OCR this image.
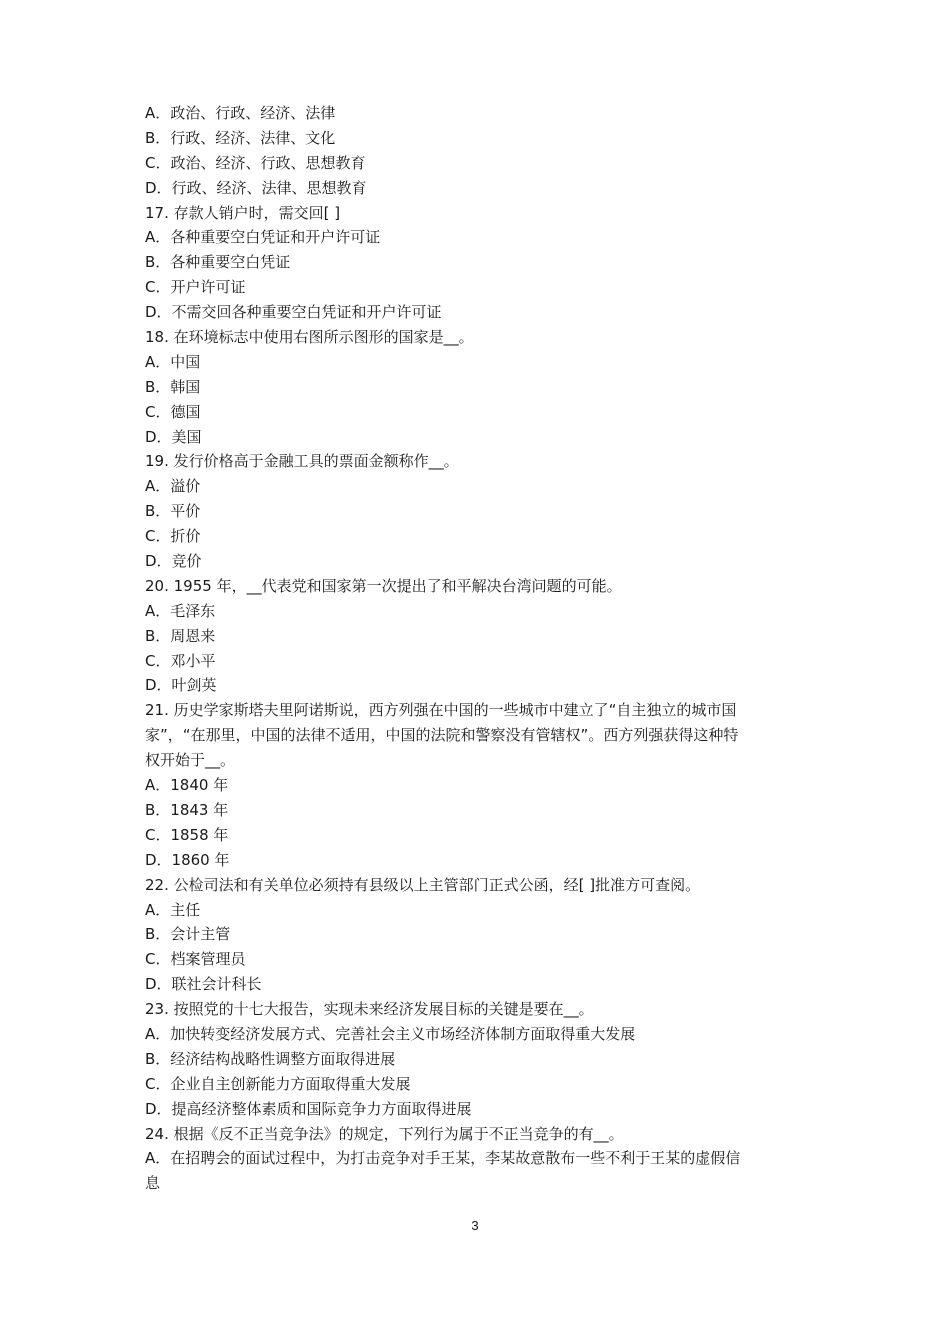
A．政治、行政、经济、法律
B．行政、经济、法律、文化
C．政治、经济、行政、思想教育
D．行政、经济、法律、思想教育
17. 存款人销户时，需交回[ ]
A．各种重要空白凭证和开户许可证
B．各种重要空白凭证
C．开户许可证
D．不需交回各种重要空白凭证和开户许可证
18. 在环境标志中使用右图所示图形的国家是__。
A．中国
B．韩国
C．德国
D．美国
19. 发行价格高于金融工具的票面金额称作__。
A．溢价
B．平价
C．折价
D．竞价
20. 1955 年，__代表党和国家第一次提出了和平解决台湾问题的可能。
A．毛泽东
B．周恩来
C．邓小平
D．叶剑英
21. 历史学家斯塔夫里阿诺斯说，西方列强在中国的一些城市中建立了“自主独立的城市国
家”，“在那里，中国的法律不适用，中国的法院和警察没有管辖权”。西方列强获得这种特
权开始于__。
A．1840 年
B．1843 年
C．1858 年
D．1860 年
22. 公检司法和有关单位必须持有县级以上主管部门正式公函，经[ ]批准方可查阅。
A．主任
B．会计主管
C．档案管理员
D．联社会计科长
23. 按照党的十七大报告，实现未来经济发展目标的关键是要在__。
A．加快转变经济发展方式、完善社会主义市场经济体制方面取得重大发展
B．经济结构战略性调整方面取得进展
C．企业自主创新能力方面取得重大发展
D．提高经济整体素质和国际竞争力方面取得进展
24. 根据《反不正当竞争法》的规定，下列行为属于不正当竞争的有__。
A．在招聘会的面试过程中，为打击竞争对手王某，李某故意散布一些不利于王某的虚假信
息
3
